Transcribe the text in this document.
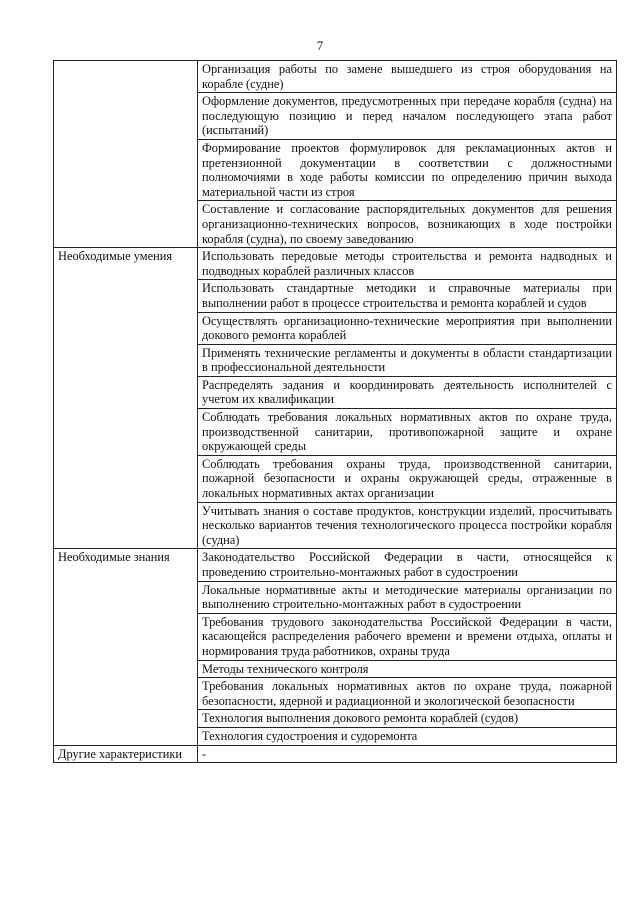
7
	Организация работы по замене вышедшего из строя оборудования на корабле (судне)
	Оформление документов, предусмотренных при передаче корабля (судна) на последующую позицию и перед началом последующего этапа работ (испытаний)
	Формирование проектов формулировок для рекламационных актов и претензионной документации в соответствии с должностными полномочиями в ходе работы комиссии по определению причин выхода материальной части из строя
	Составление и согласование распорядительных документов для решения организационно-технических вопросов, возникающих в ходе постройки корабля (судна), по своему заведованию
Необходимые умения	Использовать передовые методы строительства и ремонта надводных и подводных кораблей различных классов
	Использовать стандартные методики и справочные материалы при выполнении работ в процессе строительства и ремонта кораблей и судов
	Осуществлять организационно-технические мероприятия при выполнении докового ремонта кораблей
	Применять технические регламенты и документы в области стандартизации в профессиональной деятельности
	Распределять задания и координировать деятельность исполнителей с учетом их квалификации
	Соблюдать требования локальных нормативных актов по охране труда, производственной санитарии, противопожарной защите и охране окружающей среды
	Соблюдать требования охраны труда, производственной санитарии, пожарной безопасности и охраны окружающей среды, отраженные в локальных нормативных актах организации
	Учитывать знания о составе продуктов, конструкции изделий, просчитывать несколько вариантов течения технологического процесса постройки корабля (судна)
Необходимые знания	Законодательство Российской Федерации в части, относящейся к проведению строительно-монтажных работ в судостроении
	Локальные нормативные акты и методические материалы организации по выполнению строительно-монтажных работ в судостроении
	Требования трудового законодательства Российской Федерации в части, касающейся распределения рабочего времени и времени отдыха, оплаты и нормирования труда работников, охраны труда
	Методы технического контроля
	Требования локальных нормативных актов по охране труда, пожарной безопасности, ядерной и радиационной и экологической безопасности
	Технология выполнения докового ремонта кораблей (судов)
	Технология судостроения и судоремонта
Другие характеристики	-
